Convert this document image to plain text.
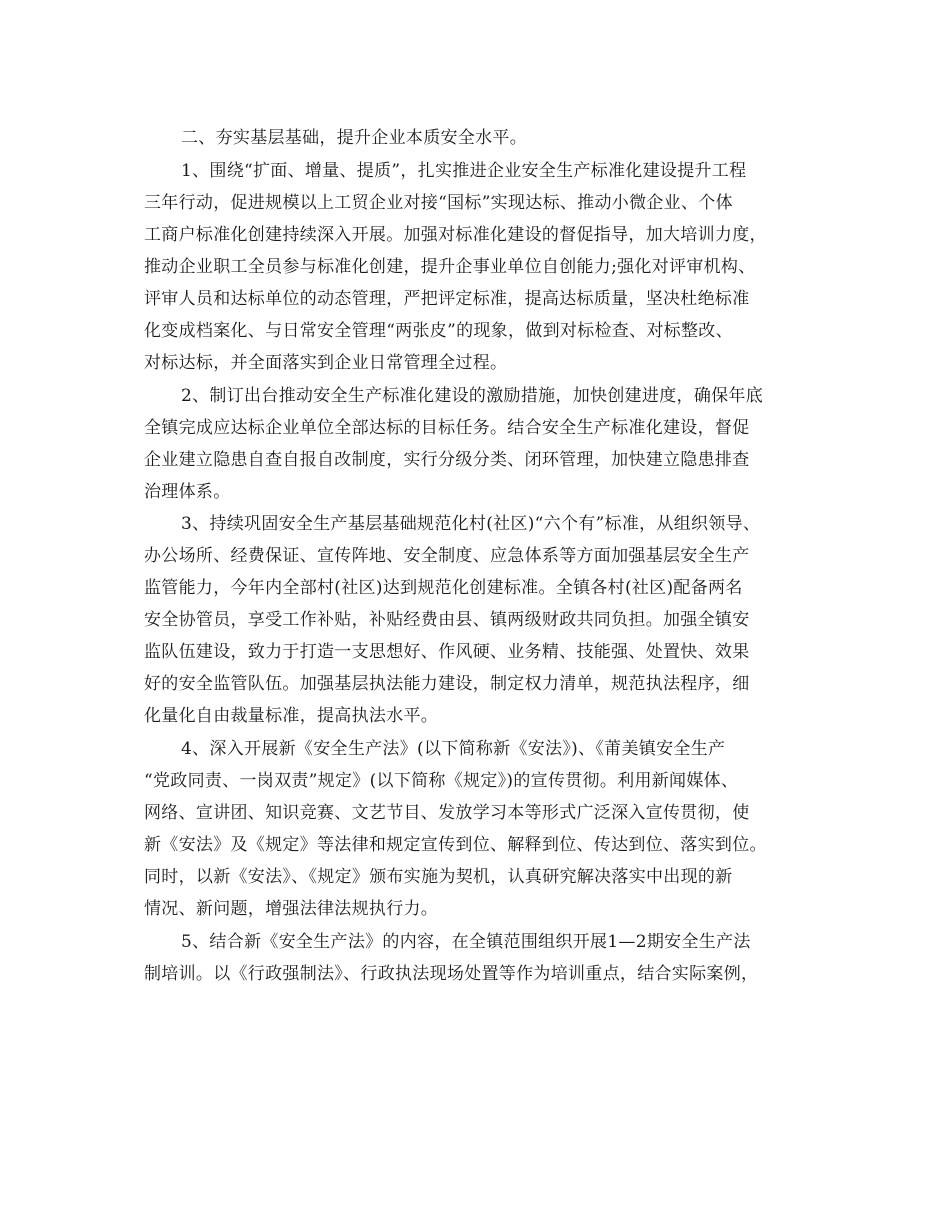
二、夯实基层基础，提升企业本质安全水平。
1、围绕“扩面、增量、提质”，扎实推进企业安全生产标准化建设提升工程
三年行动，促进规模以上工贸企业对接“国标”实现达标、推动小微企业、个体
工商户标准化创建持续深入开展。加强对标准化建设的督促指导，加大培训力度，
推动企业职工全员参与标准化创建，提升企事业单位自创能力;强化对评审机构、
评审人员和达标单位的动态管理，严把评定标准，提高达标质量，坚决杜绝标准
化变成档案化、与日常安全管理“两张皮”的现象，做到对标检查、对标整改、
对标达标，并全面落实到企业日常管理全过程。
2、制订出台推动安全生产标准化建设的激励措施，加快创建进度，确保年底
全镇完成应达标企业单位全部达标的目标任务。结合安全生产标准化建设，督促
企业建立隐患自查自报自改制度，实行分级分类、闭环管理，加快建立隐患排查
治理体系。
3、持续巩固安全生产基层基础规范化村(社区)“六个有”标准，从组织领导、
办公场所、经费保证、宣传阵地、安全制度、应急体系等方面加强基层安全生产
监管能力，今年内全部村(社区)达到规范化创建标准。全镇各村(社区)配备两名
安全协管员，享受工作补贴，补贴经费由县、镇两级财政共同负担。加强全镇安
监队伍建设，致力于打造一支思想好、作风硬、业务精、技能强、处置快、效果
好的安全监管队伍。加强基层执法能力建设，制定权力清单，规范执法程序，细
化量化自由裁量标准，提高执法水平。
4、深入开展新《安全生产法》(以下简称新《安法》)、《莆美镇安全生产
“党政同责、一岗双责”规定》(以下简称《规定》)的宣传贯彻。利用新闻媒体、
网络、宣讲团、知识竞赛、文艺节目、发放学习本等形式广泛深入宣传贯彻，使
新《安法》及《规定》等法律和规定宣传到位、解释到位、传达到位、落实到位。
同时，以新《安法》、《规定》颁布实施为契机，认真研究解决落实中出现的新
情况、新问题，增强法律法规执行力。
5、结合新《安全生产法》的内容，在全镇范围组织开展1—2期安全生产法
制培训。以《行政强制法》、行政执法现场处置等作为培训重点，结合实际案例，
